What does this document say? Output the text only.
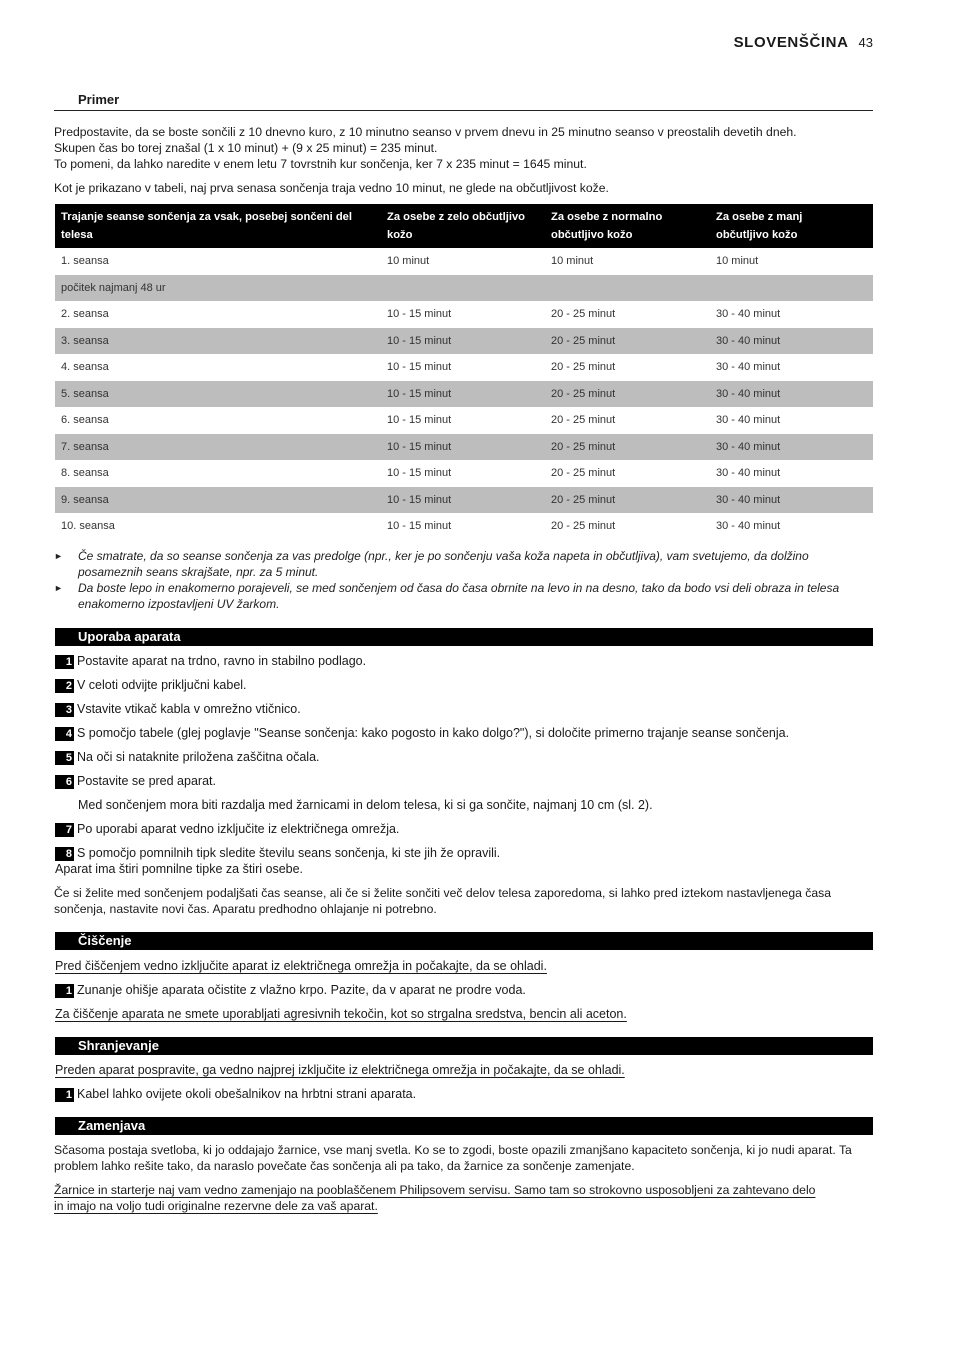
SLOVENŠČINA 43
Primer

Predpostavite, da se boste sončili z 10 dnevno kuro, z 10 minutno seanso v prvem dnevu in 25 minutno seanso v preostalih devetih dneh.
Skupen čas bo torej znašal (1 x 10 minut) + (9 x 25 minut) = 235 minut.
To pomeni, da lahko naredite v enem letu 7 tovrstnih kur sončenja, ker 7 x 235 minut = 1645 minut.

Kot je prikazano v tabeli, naj prva senasa sončenja traja vedno 10 minut, ne glede na občutljivost kože.

Trajanje seanse sončenja za vsak, posebej sončeni del
telesa	Za osebe z zelo občutljivo
kožo	Za osebe z normalno
občutljivo kožo	Za osebe z manj
občutljivo kožo
1. seansa	10 minut	10 minut	10 minut
počitek najmanj 48 ur			
2. seansa	10 - 15 minut	20 - 25 minut	30 - 40 minut
3. seansa	10 - 15 minut	20 - 25 minut	30 - 40 minut
4. seansa	10 - 15 minut	20 - 25 minut	30 - 40 minut
5. seansa	10 - 15 minut	20 - 25 minut	30 - 40 minut
6. seansa	10 - 15 minut	20 - 25 minut	30 - 40 minut
7. seansa	10 - 15 minut	20 - 25 minut	30 - 40 minut
8. seansa	10 - 15 minut	20 - 25 minut	30 - 40 minut
9. seansa	10 - 15 minut	20 - 25 minut	30 - 40 minut
10. seansa	10 - 15 minut	20 - 25 minut	30 - 40 minut
► Če smatrate, da so seanse sončenja za vas predolge (npr., ker je po sončenju vaša koža napeta in občutljiva), vam svetujemo, da dolžino
posameznih seans skrajšate, npr. za 5 minut.
► Da boste lepo in enakomerno porajeveli, se med sončenjem od časa do časa obrnite na levo in na desno, tako da bodo vsi deli obraza in telesa
enakomerno izpostavljeni UV žarkom.
Uporaba aparata
1 Postavite aparat na trdno, ravno in stabilno podlago.
2 V celoti odvijte priključni kabel.
3 Vstavite vtikač kabla v omrežno vtičnico.
4 S pomočjo tabele (glej poglavje "Seanse sončenja: kako pogosto in kako dolgo?"), si določite primerno trajanje seanse sončenja.
5 Na oči si nataknite priložena zaščitna očala.
6 Postavite se pred aparat.
Med sončenjem mora biti razdalja med žarnicami in delom telesa, ki si ga sončite, najmanj 10 cm (sl. 2).
7 Po uporabi aparat vedno izključite iz električnega omrežja.
8 S pomočjo pomnilnih tipk sledite številu seans sončenja, ki ste jih že opravili.
Aparat ima štiri pomnilne tipke za štiri osebe.

Če si želite med sončenjem podaljšati čas seanse, ali če si želite sončiti več delov telesa zaporedoma, si lahko pred iztekom nastavljenega časa
sončenja, nastavite novi čas. Aparatu predhodno ohlajanje ni potrebno.

Čiščenje
Pred čiščenjem vedno izključite aparat iz električnega omrežja in počakajte, da se ohladi.
1 Zunanje ohišje aparata očistite z vlažno krpo. Pazite, da v aparat ne prodre voda.
Za čiščenje aparata ne smete uporabljati agresivnih tekočin, kot so strgalna sredstva, bencin ali aceton.
Shranjevanje
Preden aparat pospravite, ga vedno najprej izključite iz električnega omrežja in počakajte, da se ohladi.
1 Kabel lahko ovijete okoli obešalnikov na hrbtni strani aparata.
Zamenjava

Sčasoma postaja svetloba, ki jo oddajajo žarnice, vse manj svetla. Ko se to zgodi, boste opazili zmanjšano kapaciteto sončenja, ki jo nudi aparat. Ta
problem lahko rešite tako, da naraslo povečate čas sončenja ali pa tako, da žarnice za sončenje zamenjate.

Žarnice in starterje naj vam vedno zamenjajo na pooblaščenem Philipsovem servisu. Samo tam so strokovno usposobljeni za zahtevano delo
in imajo na voljo tudi originalne rezervne dele za vaš aparat.
